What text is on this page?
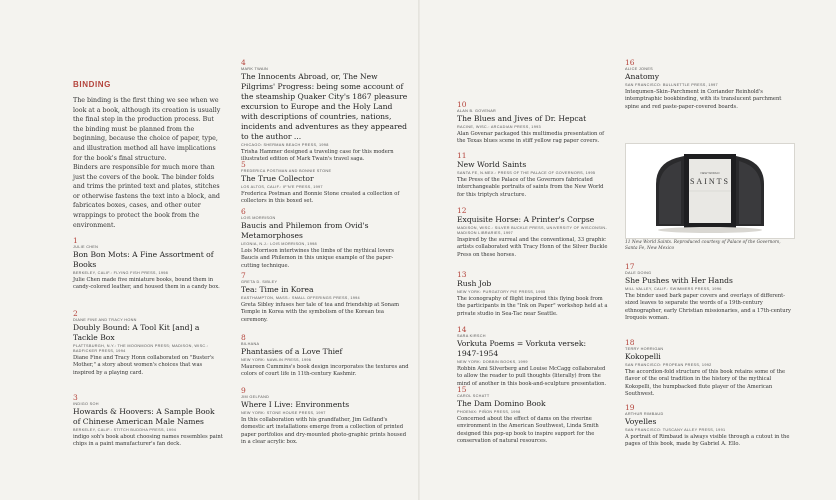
BINDING

The binding is the first thing we see when we look at a book, although its creation is usually the final step in the production process. But the binding must be planned from the beginning, because the choice of paper, type, and illustration method all have implications for the book's final structure.

Binders are responsible for much more than just the covers of the book. The binder folds and trims the printed text and plates, stitches or otherwise fastens the text into a block, and fabricates boxes, cases, and other outer wrappings to protect the book from the environment.

1
JULIE CHEN
Bon Bon Mots: A Fine Assortment of Books
BERKELEY, CALIF.: FLYING FISH PRESS, 1998
Julie Chen made five miniature books, bound them in candy-colored leather, and housed them in a candy box.
2
DIANE FINE AND TRACY HONN
Doubly Bound: A Tool Kit [and] a Tackle Box
PLATTSBURGH, N.Y.: THE MOONMOON PRESS; MADISON, WISC.: BADFICKER PRESS, 1994
Diane Fine and Tracy Honn collaborated on "Buster's Mother," a story about women's choices that was inspired by a playing card.
3
INDIGO SOH
Howards & Hoovers: A Sample Book of Chinese American Male Names
BERKELEY, CALIF.: STITCH BUDDHA PRESS, 1994
indigo soh's book about choosing names resembles paint chips in a paint manufacturer's fan deck.
4
MARK TWAIN
The Innocents Abroad, or, The New Pilgrims' Progress: being some account of the steamship Quaker City's 1867 pleasure excursion to Europe and the Holy Land with descriptions of countries, nations, incidents and adventures as they appeared to the author ...
CHICAGO: SHERMAN BEACH PRESS, 1998
Trisha Hammer designed a traveling case for this modern illustrated edition of Mark Twain's travel saga.
5
FREDERICA POSTMAN AND BONNIE STONE
The True Collector
LOS ALTOS, CALIF.: IF'N'E PRESS, 1997
Frederica Postman and Bonnie Stone created a collection of collectors in this boxed set.
6
LOIS MORRISON
Baucis and Philemon from Ovid's Metamorphoses
LEONIA, N.J.: LOIS MORRISON, 1998
Lois Morrison intertwines the limbs of the mythical lovers Baucis and Philemon in this unique example of the paper-cutting technique.
7
GRETA D. SIBLEY
Tea: Time in Korea
EASTHAMPTON, MASS.: SMALL OFFERINGS PRESS, 1994
Greta Sibley infuses her tale of tea and friendship at Sonam Temple in Korea with the symbolism of the Korean tea ceremony.
8
BILHANA
Phantasies of a Love Thief
NEW YORK: NAWLIN PRESS, 1996
Maureen Cummins's book design incorporates the textures and colors of court life in 11th-century Kashmir.
9
JIM GELFAND
Where I Live: Environments
NEW YORK: STONE HOUSE PRESS, 1997
In this collaboration with his grandfather, Jim Gelfand's domestic art installations emerge from a collection of printed paper portfolios and dry-mounted photo-graphic prints housed in a clear acrylic box.
10
ALAN B. GOVENAR
The Blues and Jives of Dr. Hepcat
RACINE, WISC.: ARCADIAN PRESS, 1993
Alan Govenar packaged this multimedia presentation of the Texas blues scene in stiff yellow rag paper covers.
11
New World Saints
SANTA FE, N.MEX.: PRESS OF THE PALACE OF GOVERNORS, 1995
The Press of the Palace of the Governors fabricated interchangeable portraits of saints from the New World for this triptych structure.
12
Exquisite Horse: A Printer's Corpse
MADISON, WISC.: SILVER BUCKLE PRESS, UNIVERSITY OF WISCONSIN-MADISON LIBRARIES, 1997
Inspired by the surreal and the conventional, 33 graphic artists collaborated with Tracy Honn of the Silver Buckle Press on these horses.
13
Rush Job
NEW YORK: PURGATORY PIE PRESS, 1995
The iconography of flight inspired this flying book from the participants in the "Ink on Paper" workshop held at a private studio in Sea-Tac near Seattle.
14
SARA KIRSCH
Vorkuta Poems = Vorkuta versek: 1947-1954
NEW YORK: DOBBIN BOOKS, 1999
Robbin Ami Silverberg and Louise McCagg collaborated to allow the reader to pull thoughts (literally) from the mind of another in this book-and-sculpture presentation.
15
CAROL SCHATT
The Dam Domino Book
PHOENIX: PIÑON PRESS, 1998
Concerned about the effect of dams on the riverine environment in the American Southwest, Linda Smith designed this pop-up book to inspire support for the conservation of natural resources.
16
ALICE JONES
Anatomy
SAN FRANCISCO: BULLNETTLE PRESS, 1997
Intequmen–Skin–Parchment in Coriander Reinhold's intemptraphic bookbinding, with its translucent parchment spine and red paste-paper-covered boards.
NEW WORLD
SAINTS
11 New World Saints. Reproduced courtesy of Palace of the Governors, Santa Fe, New Mexico
17
DALE DOING
She Pushes with Her Hands
MILL VALLEY, CALIF.: SWIMMERS PRESS, 1996
The binder used bark paper covers and overlays of different-sized leaves to separate the words of a 19th-century ethnographer, early Christian missionaries, and a 17th-century Iroquois woman.
18
TERRY HORRIGAN
Kokopelli
SAN FRANCISCO: PROPEAN PRESS, 1992
The accordion-fold structure of this book retains some of the flavor of the oral tradition in the history of the mythical Kokopelli, the humpbacked flute player of the American Southwest.
19
ARTHUR RIMBAUD
Voyelles
SAN FRANCISCO: TUSCANY ALLEY PRESS, 1991
A portrait of Rimbaud is always visible through a cutout in the pages of this book, made by Gabriel A. Ello.
